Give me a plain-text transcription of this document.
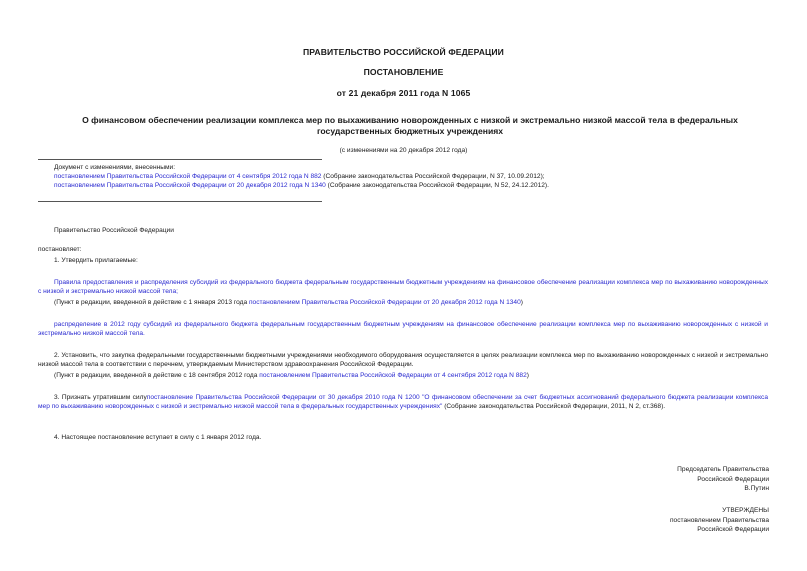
ПРАВИТЕЛЬСТВО РОССИЙСКОЙ ФЕДЕРАЦИИ
ПОСТАНОВЛЕНИЕ
от 21 декабря 2011 года N 1065
О финансовом обеспечении реализации комплекса мер по выхаживанию новорожденных с низкой и экстремально низкой массой тела в федеральных
государственных бюджетных учреждениях
(с изменениями на 20 декабря 2012 года)
Документ с изменениями, внесенными:
постановлением Правительства Российской Федерации от 4 сентября 2012 года N 882 (Собрание законодательства Российской Федерации, N 37, 10.09.2012);
постановлением Правительства Российской Федерации от 20 декабря 2012 года N 1340 (Собрание законодательства Российской Федерации, N 52, 24.12.2012).
Правительство Российской Федерации
постановляет:
1. Утвердить прилагаемые:
Правила предоставления и распределения субсидий из федерального бюджета федеральным государственным бюджетным учреждениям на финансовое обеспечение реализации комплекса мер по выхаживанию новорожденных с низкой и экстремально низкой массой тела;
(Пункт в редакции, введенной в действие с 1 января 2013 года постановлением Правительства Российской Федерации от 20 декабря 2012 года N 1340)
распределение в 2012 году субсидий из федерального бюджета федеральным государственным бюджетным учреждениям на финансовое обеспечение реализации комплекса мер по выхаживанию новорожденных с низкой и экстремально низкой массой тела.
2. Установить, что закупка федеральными государственными бюджетными учреждениями необходимого оборудования осуществляется в целях реализации комплекса мер по выхаживанию новорожденных с низкой и экстремально низкой массой тела в соответствии с перечнем, утверждаемым Министерством здравоохранения Российской Федерации.
(Пункт в редакции, введенной в действие с 18 сентября 2012 года постановлением Правительства Российской Федерации от 4 сентября 2012 года N 882)
3. Признать утратившим силупостановление Правительства Российской Федерации от 30 декабря 2010 года N 1200 "О финансовом обеспечении за счет бюджетных ассигнований федерального бюджета реализации комплекса мер по выхаживанию новорожденных с низкой и экстремально низкой массой тела в федеральных государственных учреждениях" (Собрание законодательства Российской Федерации, 2011, N 2, ст.368).
4. Настоящее постановление вступает в силу с 1 января 2012 года.
Председатель Правительства
Российской Федерации
В.Путин
УТВЕРЖДЕНЫ
постановлением Правительства
Российской Федерации
